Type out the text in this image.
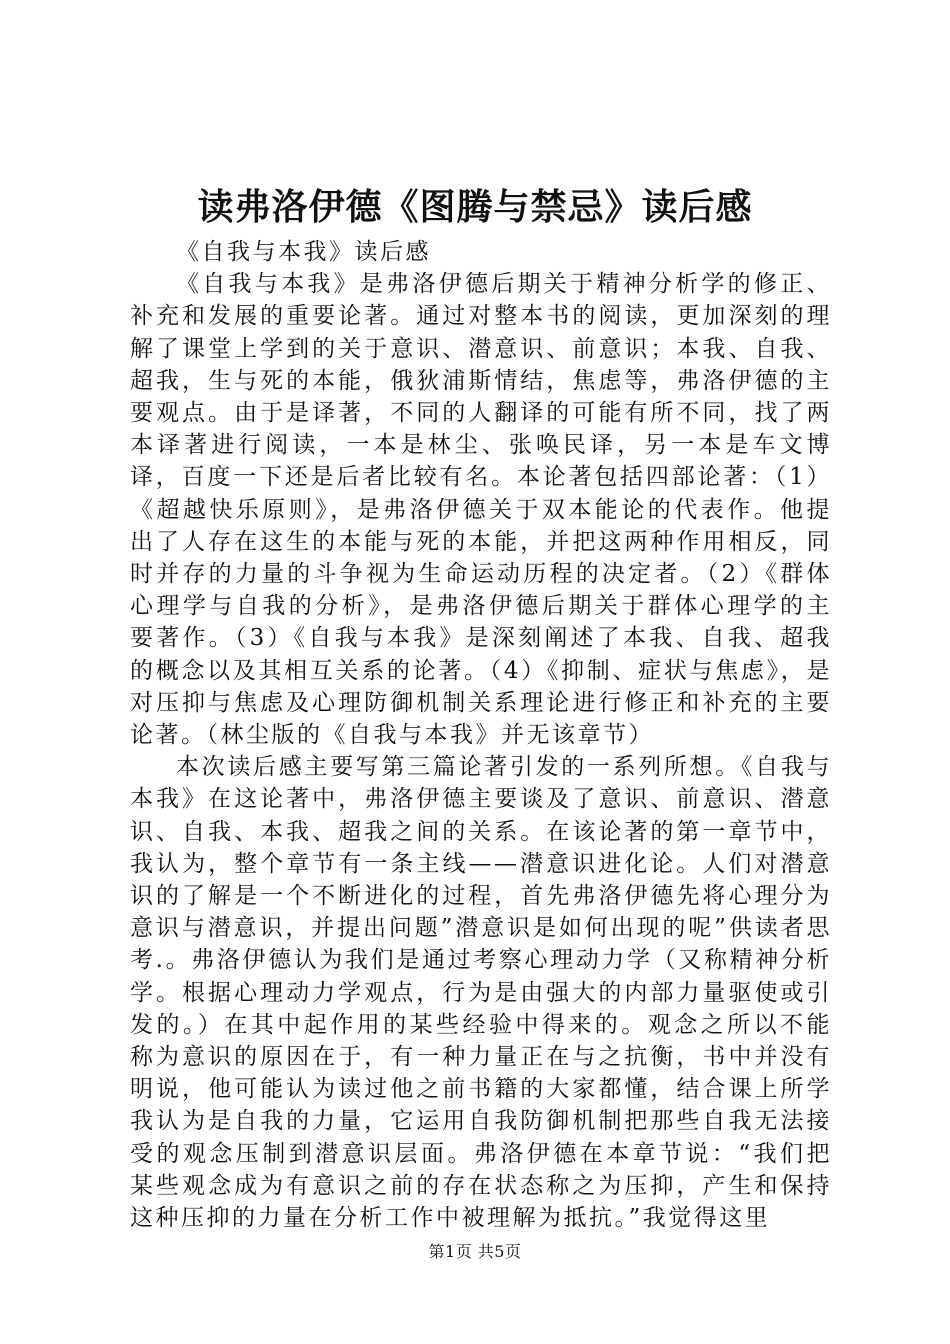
读弗洛伊德《图腾与禁忌》读后感

《自我与本我》读后感

《自我与本我》是弗洛伊德后期关于精神分析学的修正、补充和发展的重要论著。通过对整本书的阅读，更加深刻的理解了课堂上学到的关于意识、潜意识、前意识；本我、自我、超我，生与死的本能，俄狄浦斯情结，焦虑等，弗洛伊德的主要观点。由于是译著，不同的人翻译的可能有所不同，找了两本译著进行阅读，一本是林尘、张唤民译，另一本是车文博译，百度一下还是后者比较有名。本论著包括四部论著：（1）《超越快乐原则》，是弗洛伊德关于双本能论的代表作。他提出了人存在这生的本能与死的本能，并把这两种作用相反，同时并存的力量的斗争视为生命运动历程的决定者。（2）《群体心理学与自我的分析》，是弗洛伊德后期关于群体心理学的主要著作。（3）《自我与本我》是深刻阐述了本我、自我、超我的概念以及其相互关系的论著。（4）《抑制、症状与焦虑》，是对压抑与焦虑及心理防御机制关系理论进行修正和补充的主要论著。（林尘版的《自我与本我》并无该章节）

本次读后感主要写第三篇论著引发的一系列所想。《自我与本我》在这论著中，弗洛伊德主要谈及了意识、前意识、潜意识、自我、本我、超我之间的关系。在该论著的第一章节中，我认为，整个章节有一条主线——潜意识进化论。人们对潜意识的了解是一个不断进化的过程，首先弗洛伊德先将心理分为意识与潜意识，并提出问题”潜意识是如何出现的呢”供读者思考.。弗洛伊德认为我们是通过考察心理动力学（又称精神分析学。根据心理动力学观点，行为是由强大的内部力量驱使或引发的。）在其中起作用的某些经验中得来的。观念之所以不能称为意识的原因在于，有一种力量正在与之抗衡，书中并没有明说，他可能认为读过他之前书籍的大家都懂，结合课上所学我认为是自我的力量，它运用自我防御机制把那些自我无法接受的观念压制到潜意识层面。弗洛伊德在本章节说：“我们把某些观念成为有意识之前的存在状态称之为压抑，产生和保持这种压抑的力量在分析工作中被理解为抵抗。”我觉得这里

第1页 共5页
